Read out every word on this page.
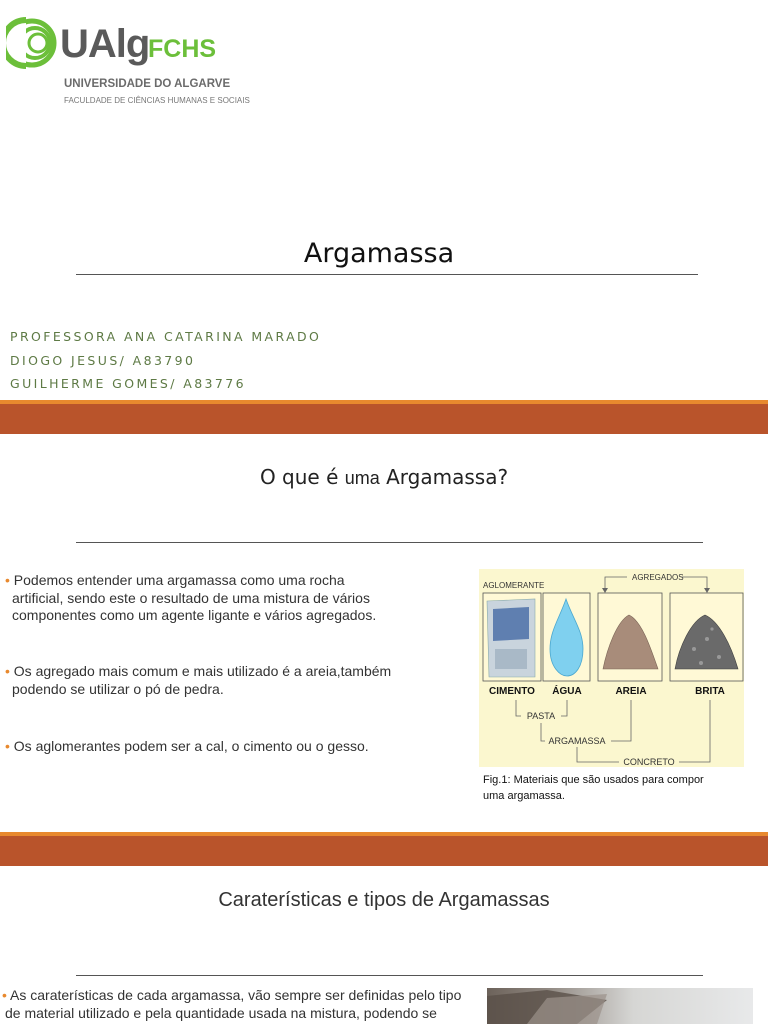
UAlg
FCHS
UNIVERSIDADE DO ALGARVE
FACULDADE DE CIÊNCIAS HUMANAS E SOCIAIS
Argamassa
PROFESSORA ANA CATARINA MARADO
DIOGO JESUS/ A83790
GUILHERME GOMES/ A83776
O que é uma Argamassa?
• Podemos entender uma argamassa como uma rocha
artificial, sendo este o resultado de uma mistura de vários
componentes como um agente ligante e vários agregados.
• Os agregado mais comum e mais utilizado é a areia,também
podendo se utilizar o pó de pedra.
• Os aglomerantes podem ser a cal, o cimento ou o gesso.
AGLOMERANTE
AGREGADOS
CIMENTO ÁGUA	AREIA	BRITA
PASTA
ARGAMASSA
CONCRETO
Fig.1: Materiais que são usados para compor
uma argamassa.
Caraterísticas e tipos de Argamassas
• As caraterísticas de cada argamassa, vão sempre ser definidas pelo tipo
de material utilizado e pela quantidade usada na mistura, podendo se
